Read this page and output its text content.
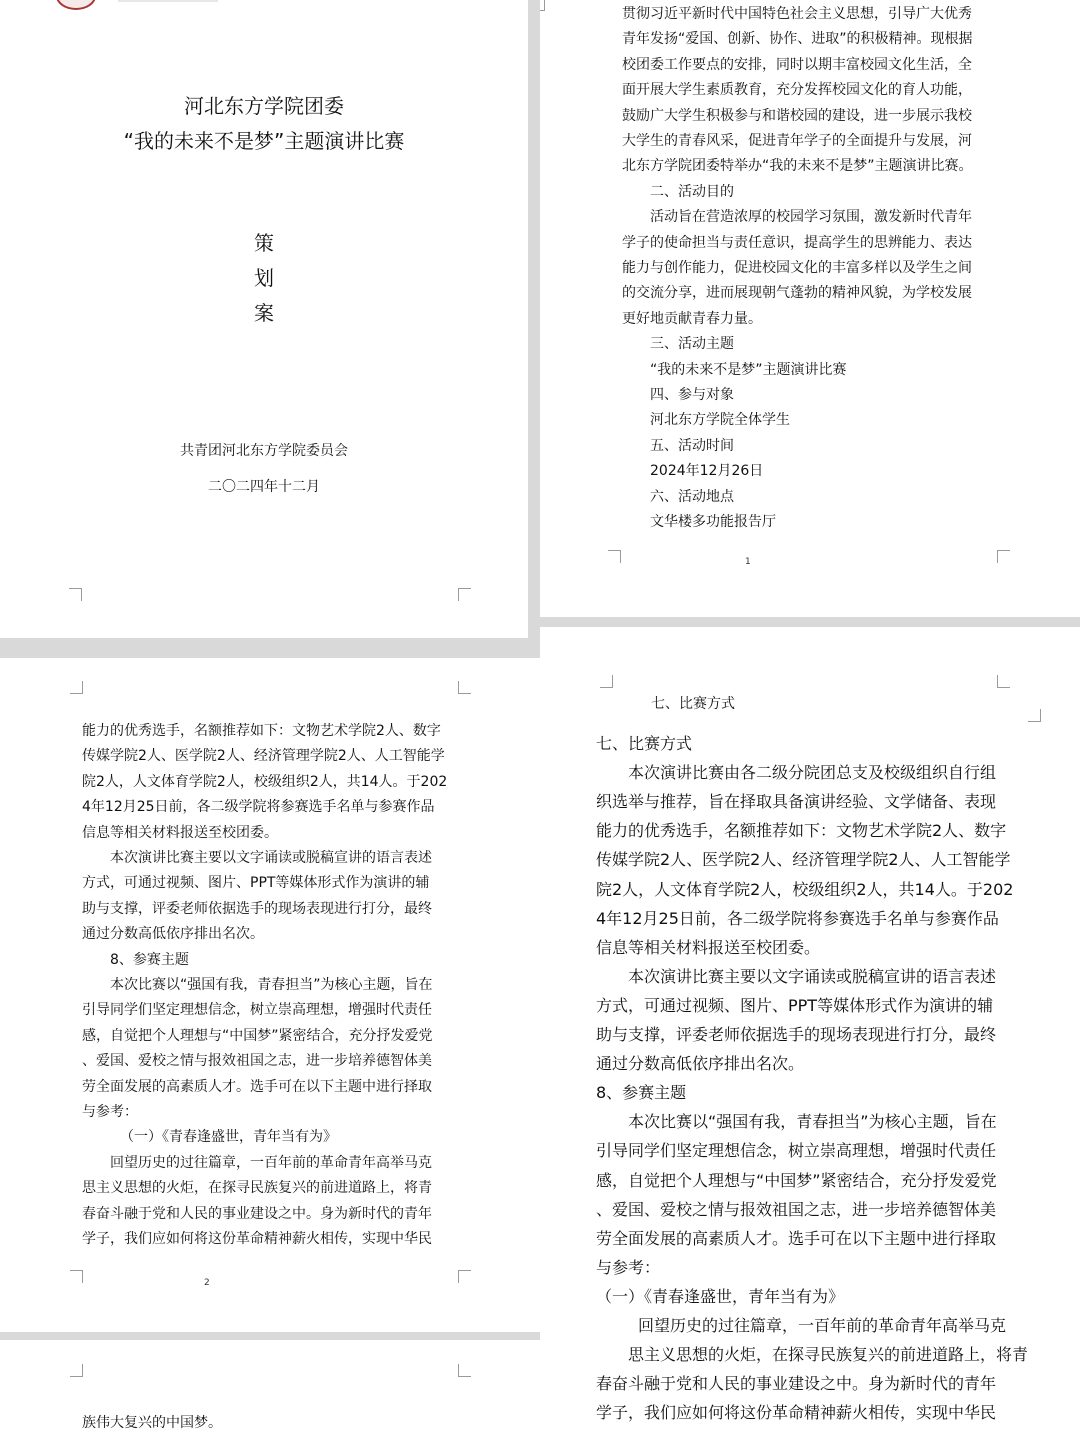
河北东方学院团委
“我的未来不是梦”主题演讲比赛
策
划
案
共青团河北东方学院委员会
二〇二四年十二月
贯彻习近平新时代中国特色社会主义思想，引导广大优秀
青年发扬“爱国、创新、协作、进取”的积极精神。现根据
校团委工作要点的安排，同时以期丰富校园文化生活，全
面开展大学生素质教育，充分发挥校园文化的育人功能，
鼓励广大学生积极参与和谐校园的建设，进一步展示我校
大学生的青春风采，促进青年学子的全面提升与发展，河
北东方学院团委特举办“我的未来不是梦”主题演讲比赛。
二、活动目的
活动旨在营造浓厚的校园学习氛围，激发新时代青年
学子的使命担当与责任意识，提高学生的思辨能力、表达
能力与创作能力，促进校园文化的丰富多样以及学生之间
的交流分享，进而展现朝气蓬勃的精神风貌，为学校发展
更好地贡献青春力量。
三、活动主题
“我的未来不是梦”主题演讲比赛
四、参与对象
河北东方学院全体学生
五、活动时间
2024年12月26日
六、活动地点
文华楼多功能报告厅
1
能力的优秀选手，名额推荐如下：文物艺术学院2人、数字
传媒学院2人、医学院2人、经济管理学院2人、人工智能学
院2人，人文体育学院2人，校级组织2人，共14人。于202
4年12月25日前，各二级学院将参赛选手名单与参赛作品
信息等相关材料报送至校团委。
本次演讲比赛主要以文字诵读或脱稿宣讲的语言表述
方式，可通过视频、图片、PPT等媒体形式作为演讲的辅
助与支撑，评委老师依据选手的现场表现进行打分，最终
通过分数高低依序排出名次。
8、参赛主题
本次比赛以“强国有我，青春担当”为核心主题，旨在
引导同学们坚定理想信念，树立崇高理想，增强时代责任
感，自觉把个人理想与“中国梦”紧密结合，充分抒发爱党
、爱国、爱校之情与报效祖国之志，进一步培养德智体美
劳全面发展的高素质人才。选手可在以下主题中进行择取
与参考：
（一）《青春逢盛世，青年当有为》
回望历史的过往篇章，一百年前的革命青年高举马克
思主义思想的火炬，在探寻民族复兴的前进道路上，将青
春奋斗融于党和人民的事业建设之中。身为新时代的青年
学子，我们应如何将这份革命精神薪火相传，实现中华民
2
族伟大复兴的中国梦。
七、比赛方式
七、比赛方式
本次演讲比赛由各二级分院团总支及校级组织自行组
织选举与推荐，旨在择取具备演讲经验、文学储备、表现
能力的优秀选手，名额推荐如下：文物艺术学院2人、数字
传媒学院2人、医学院2人、经济管理学院2人、人工智能学
院2人，人文体育学院2人，校级组织2人，共14人。于202
4年12月25日前，各二级学院将参赛选手名单与参赛作品
信息等相关材料报送至校团委。
本次演讲比赛主要以文字诵读或脱稿宣讲的语言表述
方式，可通过视频、图片、PPT等媒体形式作为演讲的辅
助与支撑，评委老师依据选手的现场表现进行打分，最终
通过分数高低依序排出名次。
8、参赛主题
本次比赛以“强国有我，青春担当”为核心主题，旨在
引导同学们坚定理想信念，树立崇高理想，增强时代责任
感，自觉把个人理想与“中国梦”紧密结合，充分抒发爱党
、爱国、爱校之情与报效祖国之志，进一步培养德智体美
劳全面发展的高素质人才。选手可在以下主题中进行择取
与参考：
（一）《青春逢盛世，青年当有为》
回望历史的过往篇章，一百年前的革命青年高举马克
思主义思想的火炬，在探寻民族复兴的前进道路上，将青
春奋斗融于党和人民的事业建设之中。身为新时代的青年
学子，我们应如何将这份革命精神薪火相传，实现中华民
